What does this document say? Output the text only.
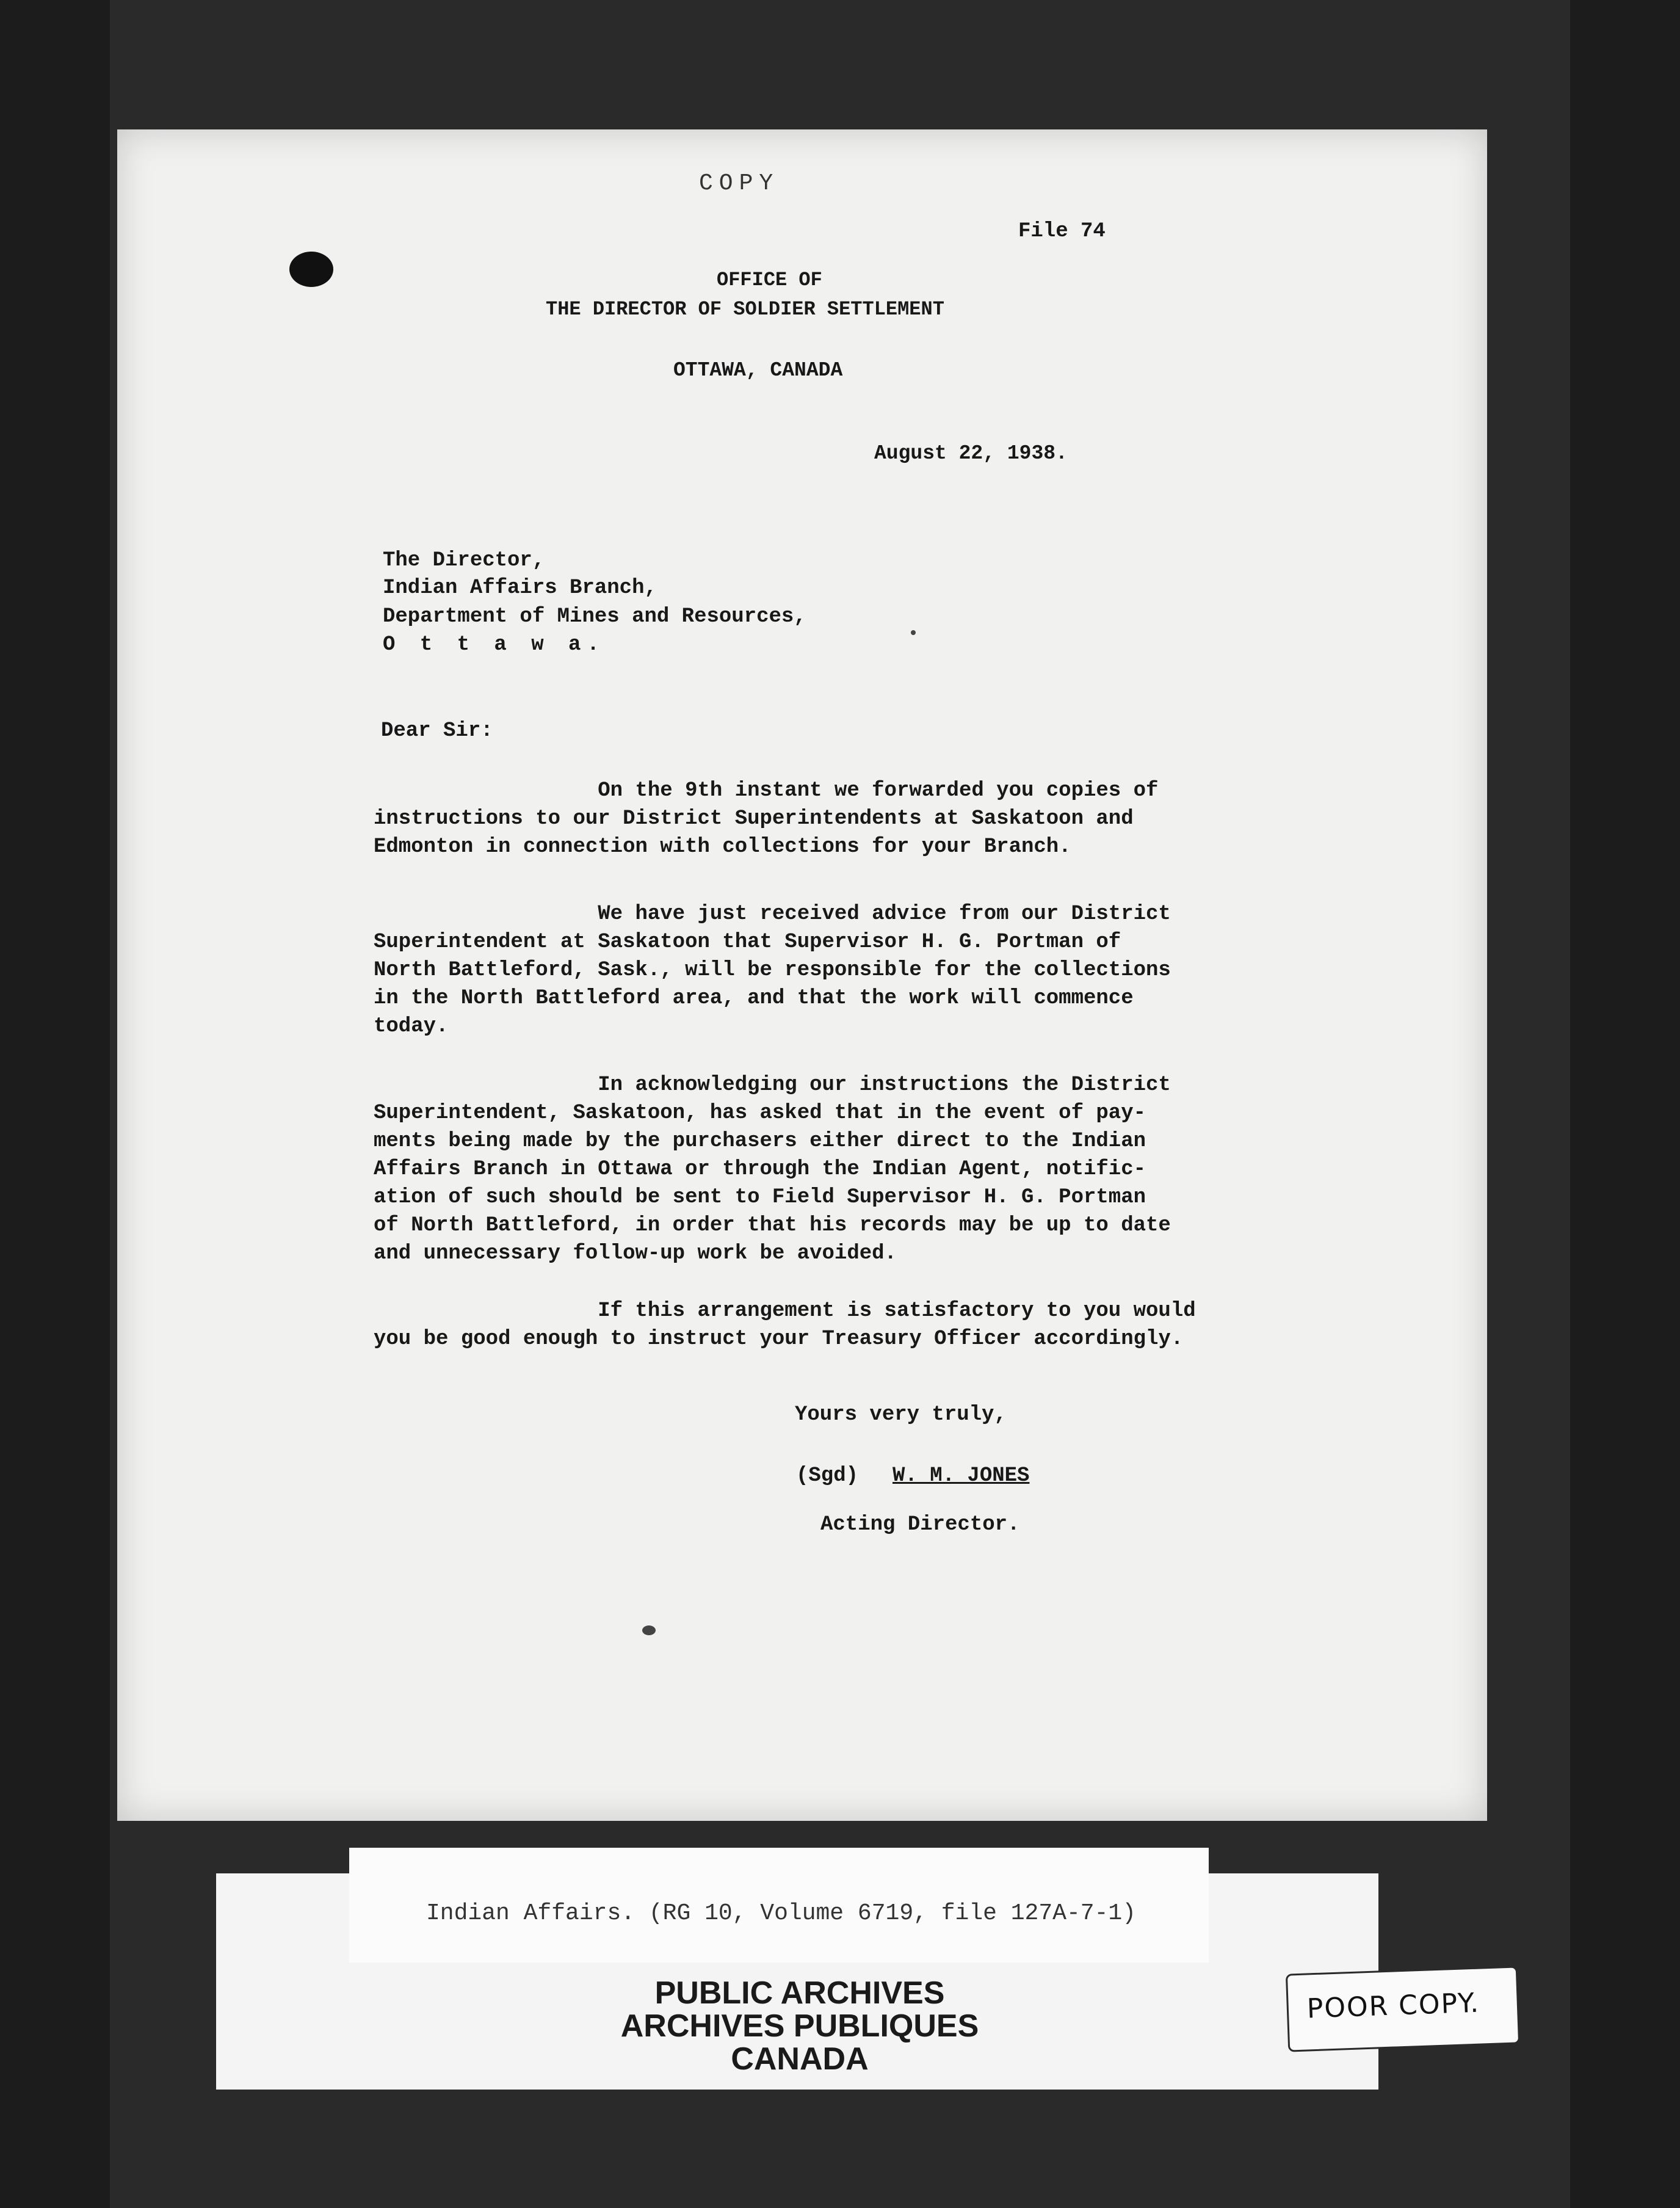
COPY
File 74
OFFICE OF
THE DIRECTOR OF SOLDIER SETTLEMENT
OTTAWA, CANADA
August 22, 1938.
The Director,
Indian Affairs Branch,
Department of Mines and Resources,
O t t a w a.
Dear Sir:
On the 9th instant we forwarded you copies of
instructions to our District Superintendents at Saskatoon and
Edmonton in connection with collections for your Branch.
We have just received advice from our District
Superintendent at Saskatoon that Supervisor H. G. Portman of
North Battleford, Sask., will be responsible for the collections
in the North Battleford area, and that the work will commence
today.
In acknowledging our instructions the District
Superintendent, Saskatoon, has asked that in the event of pay-
ments being made by the purchasers either direct to the Indian
Affairs Branch in Ottawa or through the Indian Agent, notific-
ation of such should be sent to Field Supervisor H. G. Portman
of North Battleford, in order that his records may be up to date
and unnecessary follow-up work be avoided.
If this arrangement is satisfactory to you would
you be good enough to instruct your Treasury Officer accordingly.
Yours very truly,
(Sgd) W. M. JONES
Acting Director.
Indian Affairs. (RG 10, Volume 6719, file 127A-7-1)
PUBLIC ARCHIVES
ARCHIVES PUBLIQUES
CANADA
POOR COPY.
